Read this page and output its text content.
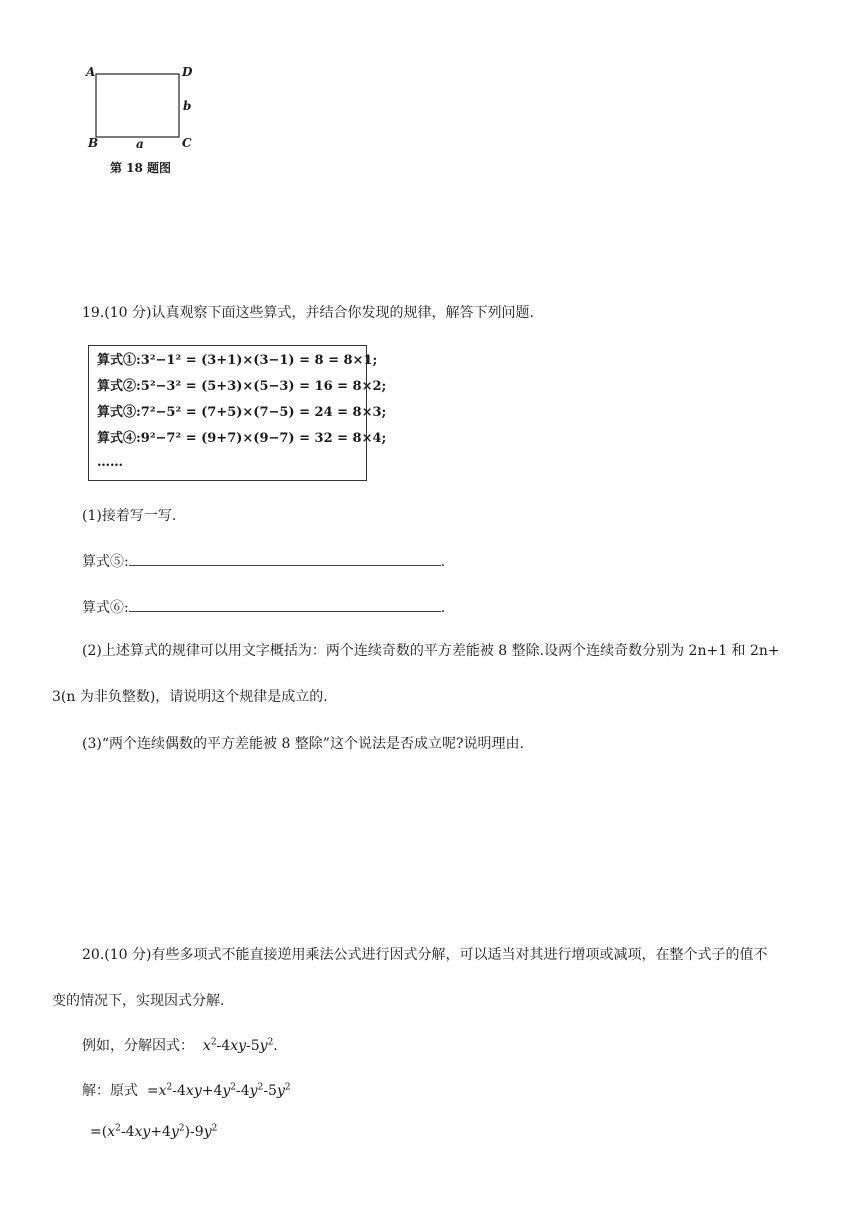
A	D
b
B	a	C
第 18 题图
19.(10 分)认真观察下面这些算式，并结合你发现的规律，解答下列问题.
算式①:3²−1² = (3+1)×(3−1) = 8 = 8×1;
算式②:5²−3² = (5+3)×(5−3) = 16 = 8×2;
算式③:7²−5² = (7+5)×(7−5) = 24 = 8×3;
算式④:9²−7² = (9+7)×(9−7) = 32 = 8×4;
……
(1)接着写一写.
算式⑤:	.
算式⑥:	.
(2)上述算式的规律可以用文字概括为：两个连续奇数的平方差能被 8 整除.设两个连续奇数分别为 2n+1 和 2n+
3(n 为非负整数)，请说明这个规律是成立的.
(3)“两个连续偶数的平方差能被 8 整除”这个说法是否成立呢?说明理由.
20.(10 分)有些多项式不能直接逆用乘法公式进行因式分解，可以适当对其进行增项或减项，在整个式子的值不
变的情况下，实现因式分解.
例如，分解因式： $x^2-4xy-5y^2$.
解：原式  $=x^2-4xy+4y^2-4y^2-5y^2$
$=(x^2-4xy+4y^2)-9y^2$
